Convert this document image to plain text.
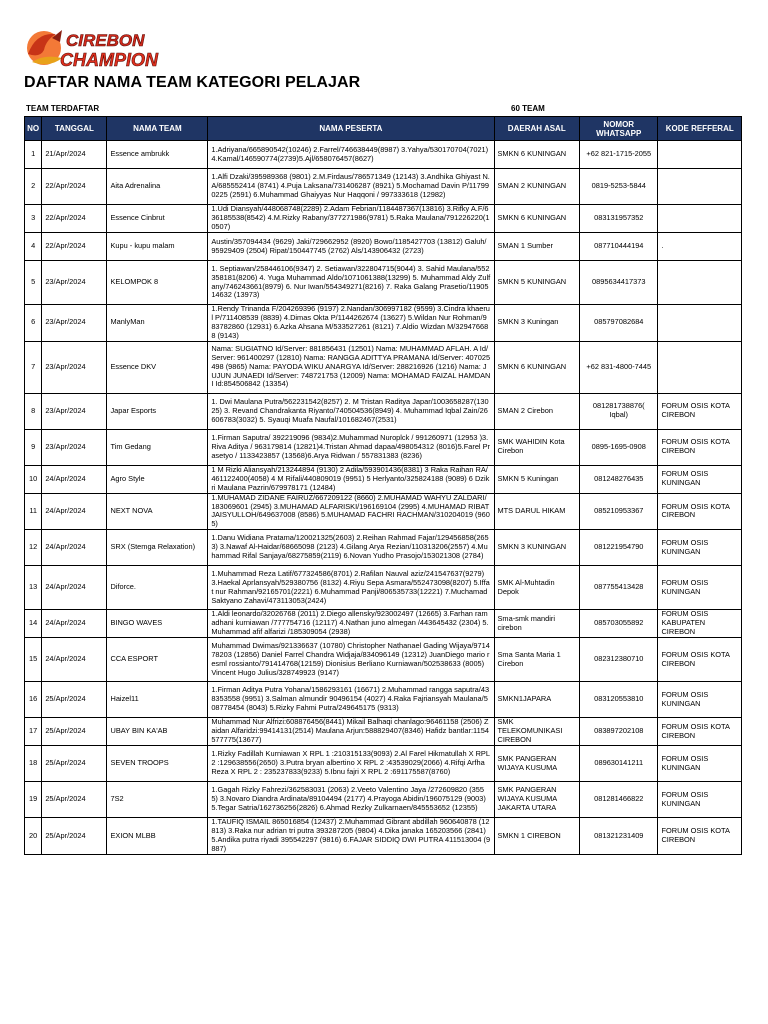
CIREBON
CHAMPION
DAFTAR NAMA TEAM KATEGORI PELAJAR
TEAM TERDAFTAR	60 TEAM
NO	TANGGAL	NAMA TEAM	NAMA PESERTA	DAERAH ASAL	NOMOR WHATSAPP	KODE REFFERAL
1	21/Apr/2024	Essence ambrukk	1.Adriyana/665890542(10246) 2.Farrel/746638449(8987) 3.Yahya/530170704(7021) 4.Kamal/146590774(2739)5.Ajl/658076457(8627)	SMKN 6 KUNINGAN	+62 821-1715-2055	
2	22/Apr/2024	Aita Adrenalina	1.Alfi Dzaki/395989368 (9801) 2.M.Firdaus/786571349 (12143) 3.Andhika Ghiyast N.A/685552414 (8741) 4.Puja Laksana/731406287 (8921) 5.Mochamad Davin P/117990225 (2591) 6.Muhammad Ghaiyyas Nur Haqqoni / 997333618 (12982)	SMAN 2 KUNINGAN	0819-5253-5844	
3	22/Apr/2024	Essence Cinbrut	1.Udi Diansyah/448068748(2289) 2.Adam Febrian/1184487367(13816) 3.Rifky A.F/636185538(8542) 4.M.Rizky Rabany/377271986(9781) 5.Raka Maulana/791226220(10507)	SMKN 6 KUNINGAN	083131957352	
4	22/Apr/2024	Kupu - kupu malam	Austin/357094434 (9629) Jaki/729662952 (8920) Bowo/1185427703 (13812) Galuh/95929409 (2504) Ripat/150447745 (2762) Als/143906432 (2723)	SMAN 1 Sumber	087710444194	.
5	23/Apr/2024	KELOMPOK 8	1. Septiawan/258446106(9347) 2. Setiawan/322804715(9044) 3. Sahid Maulana/552358181(8206) 4. Yuga Muhammad Aldo/1071061388(13299) 5. Muhammad Aldy Zulfany/746243661(8979) 6. Nur Iwan/554349271(8216) 7. Raka Galang Prasetio/1190514632 (13973)	SMKN 5 KUNINGAN	0895634417373	
6	23/Apr/2024	ManlyMan	1.Rendy Trinanda F/204269396 (9197) 2.Nandan/306997182 (9599) 3.Cindra khaerul P/711408539 (8839) 4.Dimas Okta P/1144262674 (13627) 5.Wildan Nur Rohman/983782860 (12931) 6.Azka Ahsana M/533527261 (8121) 7.Aldio Wizdan M/329476688 (9143)	SMKN 3 Kuningan	085797082684	
7	23/Apr/2024	Essence DKV	Nama: SUGIATNO Id/Server: 881856431 (12501) Nama: MUHAMMAD AFLAH. A Id/Server: 961400297 (12810) Nama: RANGGA ADITTYA PRAMANA Id/Server: 407025498 (9865) Nama: PAYODA WIKU ANARGYA Id/Server: 288216926 (1216) Nama: JUJUN JUNAEDI Id/Server: 748721753 (12009) Nama: MOHAMAD FAIZAL HAMDANI Id:854506842 (13354)	SMKN 6 KUNINGAN	+62 831-4800-7445	
8	23/Apr/2024	Japar Esports	1. Dwi Maulana Putra/562231542(8257) 2. M Tristan Raditya Japar/1003658287(13025) 3. Revand Chandrakanta Riyanto/740504536(8949) 4. Muhammad Iqbal Zain/26606783(3032) 5. Syauqi Muafa Naufal/101682467(2531)	SMAN 2 Cirebon	081281738876( Iqbal)	FORUM OSIS KOTA CIREBON
9	23/Apr/2024	Tim Gedang	1.Firman Saputra/ 392219096 (9834)2.Muhammad Nuroplck / 991260971 (12953 )3.Riva Aditya / 963179814 (12821)4.Tristan Ahmad dapaa/498054312 (8016)5.Farel Prasetyo / 1133423857 (13568)6.Arya Ridwan / 557831383 (8236)	SMK WAHIDIN Kota Cirebon	0895-1695-0908	FORUM OSIS KOTA CIREBON
10	24/Apr/2024	Agro Style	1 M Rizki Aliansyah/213244894 (9130) 2 Adila/593901436(8381) 3 Raka Raihan RA/461122400(4058) 4 M Rifali/440809019 (9951) 5 Herlyanto/325824188 (9089) 6 Dzikri Maulana Pazrin/679978171 (12484)	SMKN 5 Kuningan	081248276435	FORUM OSIS KUNINGAN
11	24/Apr/2024	NEXT NOVA	1.MUHAMAD ZIDANE FAIRUZ/667209122 (8660) 2.MUHAMAD WAHYU ZALDARI/183069601 (2945) 3.MUHAMAD ALFARISKI/196169104 (2995) 4.MUHAMAD RIBAT JAISYULLOH/649637008 (8586) 5.MUHAMAD FACHRI RACHMAN/310204019 (9605)	MTS DARUL HIKAM	085210953367	FORUM OSIS KOTA CIREBON
12	24/Apr/2024	SRX (Stemga Relaxation)	1.Danu Widiana Pratama/120021325(2603) 2.Reihan Rahmad Fajar/129456858(2653) 3.Nawaf Al-Haidar/68665098 (2123) 4.Gilang Arya Rezian/110313206(2557) 4.Muhammad Rifal Sanjaya/68275859(2119) 6.Novan Yudho Prasojo/153021308 (2784)	SMKN 3 KUNINGAN	081221954790	FORUM OSIS KUNINGAN
13	24/Apr/2024	Diforce.	1.Muhammad Reza Latif/677324586(8701) 2.Rafilan Nauval aziz/241547637(9279) 3.Haekal Aprlansyah/529380756 (8132) 4.Riyu Sepa Asmara/552473098(8207) 5.Iffat nur Rahman/92165701(2221) 6.Muhammad Panji/806535733(12221) 7.Muchamad Saktyano Zahavi/473113053(2424)	SMK Al-Muhtadin Depok	087755413428	FORUM OSIS KUNINGAN
14	24/Apr/2024	BINGO WAVES	1.Aldi leonardo/32026768 (2011) 2.Diego allensky/923002497 (12665) 3.Farhan ramadhani kurniawan /777754716 (12117) 4.Nathan juno almegan /443645432 (2304) 5.Muhammad afif alfarizi /185309054 (2938)	Sma-smk mandiri cirebon	085703055892	FORUM OSIS KABUPATEN CIREBON
15	24/Apr/2024	CCA ESPORT	Muhammad Dwimas/921336637 (10780) Christopher Nathanael Gading Wijaya/971478203 (12856) Daniel Farrel Chandra Widjaja/834096149 (12312) JuanDiego mario resml rossianto/791414768(12159) Dionisius Berliano Kurniawan/502538633 (8005) Vincent Hugo Julius/328749923 (9147)	Sma Santa Maria 1 Cirebon	082312380710	FORUM OSIS KOTA CIREBON
16	25/Apr/2024	Haizel11	1.Firman Aditya Putra Yohana/1586293161 (16671) 2.Muhammad rangga saputra/438353558 (9951) 3.Salman almundir 90496154 (4027) 4.Raka Fajriansyah Maulana/508778454 (8043) 5.Rizky Fahmi Putra/249645175 (9313)	SMKN1JAPARA	083120553810	FORUM OSIS KUNINGAN
17	25/Apr/2024	UBAY BIN KA'AB	Muhammad Nur Alfrizi:608876456(8441) Mikail Balhaqi chanlago:96461158 (2506) Zaidan Alfaridzi:99414131(2514) Maulana Arjun:588829407(8346) Hafidz bantlar:1154577775(13677)	SMK TELEKOMUNIKASI CIREBON	083897202108	FORUM OSIS KOTA CIREBON
18	25/Apr/2024	SEVEN TROOPS	1.Rizky Fadillah Kurniawan X RPL 1 :210315133(9093) 2.Al Farel Hikmatullah X RPL 2 :129638556(2650) 3.Putra bryan albertino X RPL 2 :43539029(2066) 4.Rifqi Arfha Reza X RPL 2 : 235237833(9233) 5.Ibnu fajri X RPL 2 :691175587(8760)	SMK PANGERAN WIJAYA KUSUMA	089630141211	FORUM OSIS KUNINGAN
19	25/Apr/2024	7S2	1.Gagah Rizky Fahrezi/362583031 (2063) 2.Veeto Valentino Jaya /272609820 (3555) 3.Novaro Diandra Ardinata/89104494 (2177) 4.Prayoga Abidin/196075129 (9003) 5.Tegar Satria/162736256(2826) 6.Ahmad Rezky Zulkarnaen/845553652 (12355)	SMK PANGERAN WIJAYA KUSUMA JAKARTA UTARA	081281466822	FORUM OSIS KUNINGAN
20	25/Apr/2024	EXION MLBB	1.TAUFIQ ISMAIL 865016854 (12437) 2.Muhammad Gibrant abdillah 960640878 (12813) 3.Raka nur adrian tri putra 393287205 (9804) 4.Dika janaka 165203566 (2841) 5.Andika putra riyadi 395542297 (9816) 6.FAJAR SIDDIQ DWI PUTRA 411513004 (9887)	SMKN 1 CIREBON	081321231409	FORUM OSIS KOTA CIREBON
